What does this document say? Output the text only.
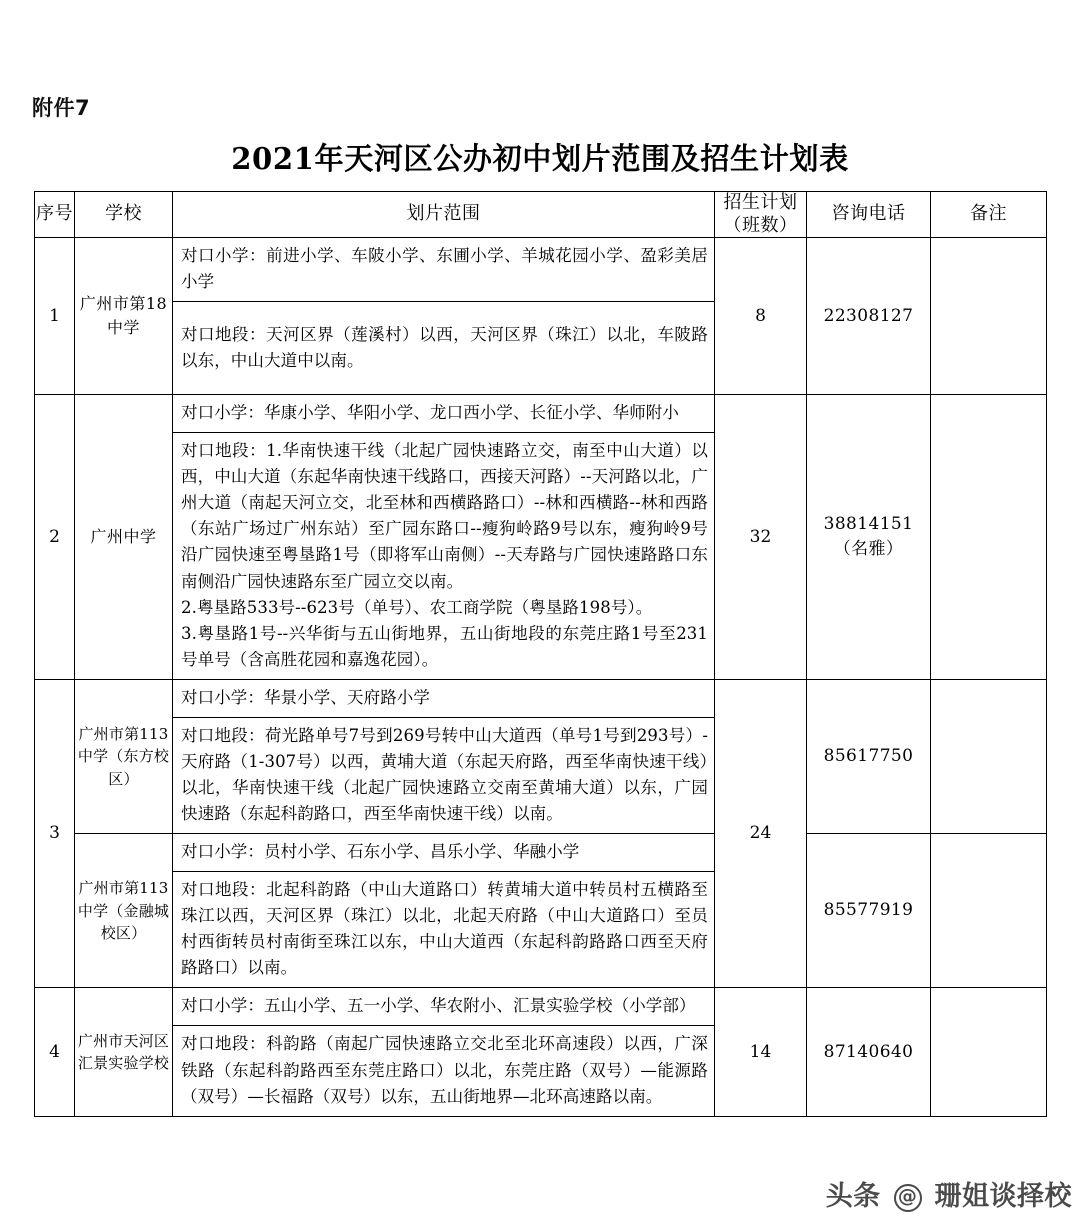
附件7
2021年天河区公办初中划片范围及招生计划表
序号	学校	划片范围	招生计划（班数）	咨询电话	备注
1	广州市第18中学	对口小学：前进小学、车陂小学、东圃小学、羊城花园小学、盈彩美居小学	8	22308127	

		对口地段：天河区界（莲溪村）以西，天河区界（珠江）以北，车陂路以东，中山大道中以南。			

2	广州中学	对口小学：华康小学、华阳小学、龙口西小学、长征小学、华师附小	32	38814151（名雅）	

		对口地段：1.华南快速干线（北起广园快速路立交，南至中山大道）以西，中山大道（东起华南快速干线路口，西接天河路）--天河路以北，广州大道（南起天河立交，北至林和西横路路口）--林和西横路--林和西路（东站广场过广州东站）至广园东路口--瘦狗岭路9号以东，瘦狗岭9号沿广园快速至粤垦路1号（即将军山南侧）--天寿路与广园快速路路口东南侧沿广园快速路东至广园立交以南。

2.粤垦路533号--623号（单号）、农工商学院（粤垦路198号）。

3.粤垦路1号--兴华街与五山街地界，五山街地段的东莞庄路1号至231号单号（含高胜花园和嘉逸花园）。			

3	广州市第113中学（东方校区）	对口小学：华景小学、天府路小学	24	85617750	

		对口地段：荷光路单号7号到269号转中山大道西（单号1号到293号）-天府路（1-307号）以西，黄埔大道（东起天府路，西至华南快速干线）以北，华南快速干线（北起广园快速路立交南至黄埔大道）以东，广园快速路（东起科韵路口，西至华南快速干线）以南。			

	广州市第113中学（金融城校区）	对口小学：员村小学、石东小学、昌乐小学、华融小学		85577919	

		对口地段：北起科韵路（中山大道路口）转黄埔大道中转员村五横路至珠江以西，天河区界（珠江）以北，北起天府路（中山大道路口）至员村西街转员村南街至珠江以东，中山大道西（东起科韵路路口西至天府路路口）以南。			

4	广州市天河区汇景实验学校	对口小学：五山小学、五一小学、华农附小、汇景实验学校（小学部）	14	87140640	

		对口地段：科韵路（南起广园快速路立交北至北环高速段）以西，广深铁路（东起科韵路西至东莞庄路口）以北，东莞庄路（双号）—能源路（双号）—长福路（双号）以东，五山街地界—北环高速路以南。			
头条 @ 珊姐谈择校
